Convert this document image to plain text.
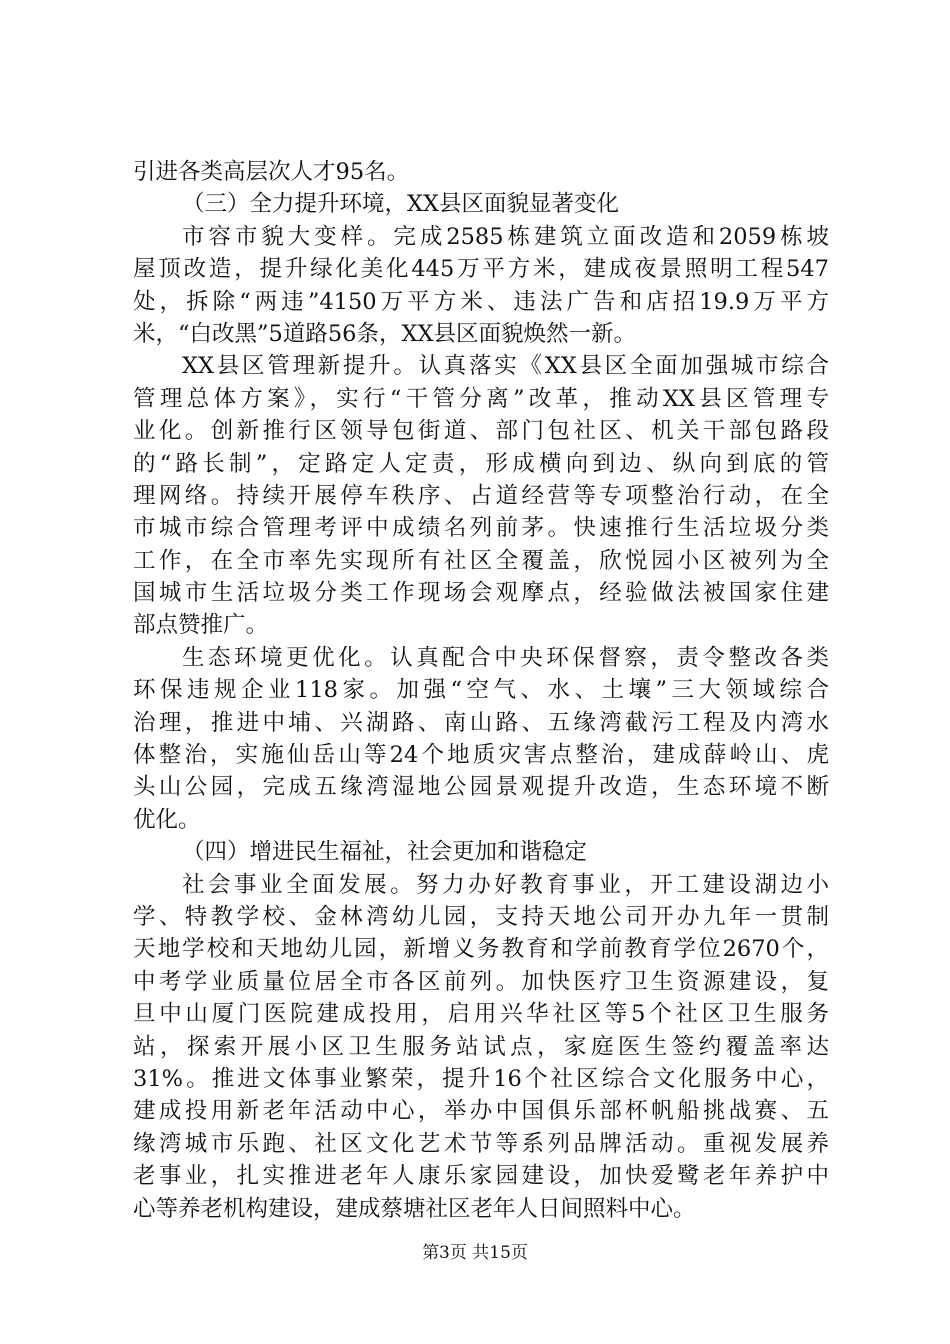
引进各类高层次人才95名。
（三）全力提升环境，XX县区面貌显著变化
市容市貌大变样。完成2585栋建筑立面改造和2059栋坡
屋顶改造，提升绿化美化445万平方米，建成夜景照明工程547
处，拆除“两违”4150万平方米、违法广告和店招19.9万平方
米，“白改黑”5道路56条，XX县区面貌焕然一新。
XX县区管理新提升。认真落实《XX县区全面加强城市综合
管理总体方案》，实行“干管分离”改革，推动XX县区管理专
业化。创新推行区领导包街道、部门包社区、机关干部包路段
的“路长制”，定路定人定责，形成横向到边、纵向到底的管
理网络。持续开展停车秩序、占道经营等专项整治行动，在全
市城市综合管理考评中成绩名列前茅。快速推行生活垃圾分类
工作，在全市率先实现所有社区全覆盖，欣悦园小区被列为全
国城市生活垃圾分类工作现场会观摩点，经验做法被国家住建
部点赞推广。
生态环境更优化。认真配合中央环保督察，责令整改各类
环保违规企业118家。加强“空气、水、土壤”三大领域综合
治理，推进中埔、兴湖路、南山路、五缘湾截污工程及内湾水
体整治，实施仙岳山等24个地质灾害点整治，建成薛岭山、虎
头山公园，完成五缘湾湿地公园景观提升改造，生态环境不断
优化。
（四）增进民生福祉，社会更加和谐稳定
社会事业全面发展。努力办好教育事业，开工建设湖边小
学、特教学校、金林湾幼儿园，支持天地公司开办九年一贯制
天地学校和天地幼儿园，新增义务教育和学前教育学位2670个，
中考学业质量位居全市各区前列。加快医疗卫生资源建设，复
旦中山厦门医院建成投用，启用兴华社区等5个社区卫生服务
站，探索开展小区卫生服务站试点，家庭医生签约覆盖率达
31%。推进文体事业繁荣，提升16个社区综合文化服务中心，
建成投用新老年活动中心，举办中国俱乐部杯帆船挑战赛、五
缘湾城市乐跑、社区文化艺术节等系列品牌活动。重视发展养
老事业，扎实推进老年人康乐家园建设，加快爱鹭老年养护中
心等养老机构建设，建成蔡塘社区老年人日间照料中心。
第3页 共15页
